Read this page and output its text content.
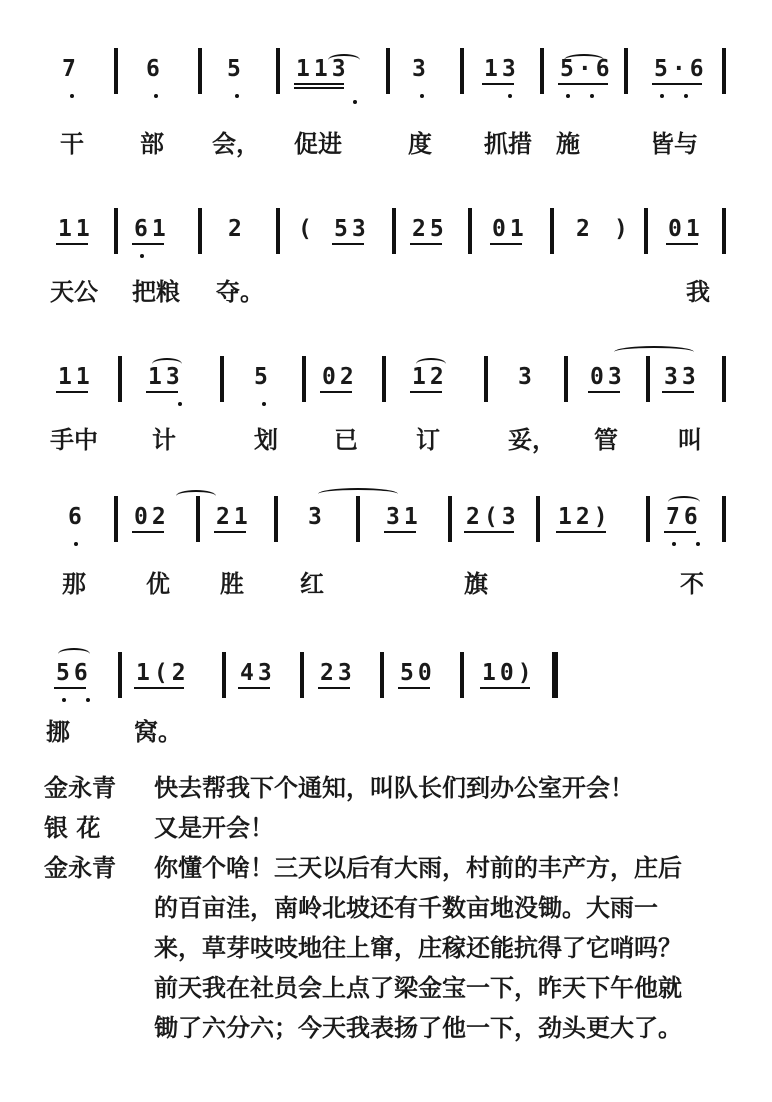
7	6	5 113	3 13 5·6 5·6
干 部 会， 促进	度 抓措 施	皆与
11 61	2 ( 53 25 01 2 ) 01
天公 把粮 夺。	我
11 13	5 02 12	3 03 33
手中 计	划 已 订	妥， 管	叫
6 02 21 3	31 2(3 12) 76
那	优 胜 红	旗	不
56 1(2 43 23 50 10)
挪	窝。
金永青	快去帮我下个通知，叫队长们到办公室开会！
银 花	又是开会！
金永青	你懂个啥！三天以后有大雨，村前的丰产方，庄后
的百亩洼，南岭北坡还有千数亩地没锄。大雨一
来，草芽吱吱地往上窜，庄稼还能抗得了它哨吗？
前天我在社员会上点了梁金宝一下，昨天下午他就
锄了六分六；今天我表扬了他一下，劲头更大了。
